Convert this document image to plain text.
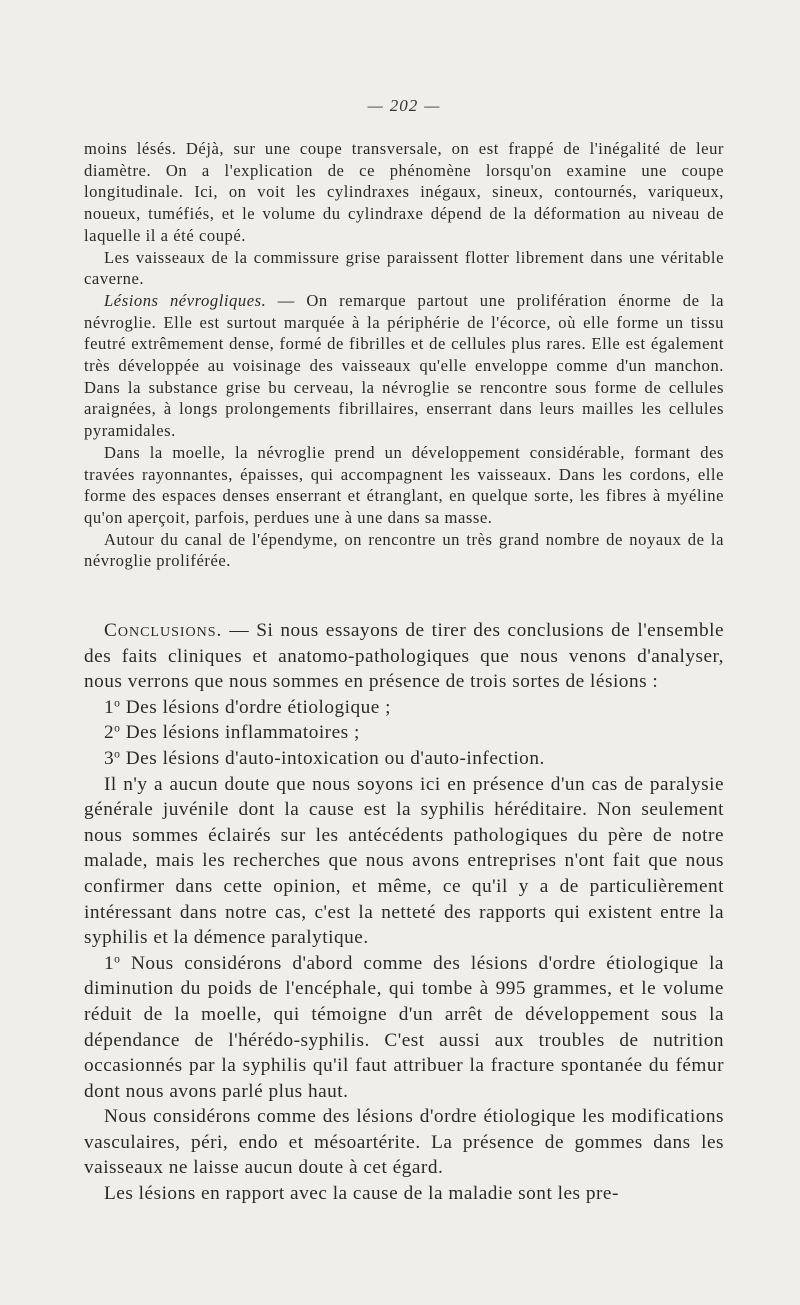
— 202 —

moins lésés. Déjà, sur une coupe transversale, on est frappé de l'inégalité de leur diamètre. On a l'explication de ce phénomène lorsqu'on examine une coupe longitudinale. Ici, on voit les cylindraxes inégaux, sineux, contournés, variqueux, noueux, tuméfiés, et le volume du cylindraxe dépend de la déformation au niveau de laquelle il a été coupé.

Les vaisseaux de la commissure grise paraissent flotter librement dans une véritable caverne.

Lésions névrogliques. — On remarque partout une prolifération énorme de la névroglie. Elle est surtout marquée à la périphérie de l'écorce, où elle forme un tissu feutré extrêmement dense, formé de fibrilles et de cellules plus rares. Elle est également très développée au voisinage des vaisseaux qu'elle enveloppe comme d'un manchon. Dans la substance grise bu cerveau, la névroglie se rencontre sous forme de cellules araignées, à longs prolongements fibrillaires, enserrant dans leurs mailles les cellules pyramidales.

Dans la moelle, la névroglie prend un développement considérable, formant des travées rayonnantes, épaisses, qui accompagnent les vaisseaux. Dans les cordons, elle forme des espaces denses enserrant et étranglant, en quelque sorte, les fibres à myéline qu'on aperçoit, parfois, perdues une à une dans sa masse.

Autour du canal de l'épendyme, on rencontre un très grand nombre de noyaux de la névroglie proliférée.

Conclusions. — Si nous essayons de tirer des conclusions de l'ensemble des faits cliniques et anatomo-pathologiques que nous venons d'analyser, nous verrons que nous sommes en présence de trois sortes de lésions :

1$^o$ Des lésions d'ordre étiologique ;

2$^o$ Des lésions inflammatoires ;

3$^o$ Des lésions d'auto-intoxication ou d'auto-infection.

Il n'y a aucun doute que nous soyons ici en présence d'un cas de paralysie générale juvénile dont la cause est la syphilis héréditaire. Non seulement nous sommes éclairés sur les antécédents pathologiques du père de notre malade, mais les recherches que nous avons entreprises n'ont fait que nous confirmer dans cette opinion, et même, ce qu'il y a de particulièrement intéressant dans notre cas, c'est la netteté des rapports qui existent entre la syphilis et la démence paralytique.

1$^o$ Nous considérons d'abord comme des lésions d'ordre étiologique la diminution du poids de l'encéphale, qui tombe à 995 grammes, et le volume réduit de la moelle, qui témoigne d'un arrêt de développement sous la dépendance de l'hérédo-syphilis. C'est aussi aux troubles de nutrition occasionnés par la syphilis qu'il faut attribuer la fracture spontanée du fémur dont nous avons parlé plus haut.

Nous considérons comme des lésions d'ordre étiologique les modifications vasculaires, péri, endo et mésoartérite. La présence de gommes dans les vaisseaux ne laisse aucun doute à cet égard.

Les lésions en rapport avec la cause de la maladie sont les pre-
